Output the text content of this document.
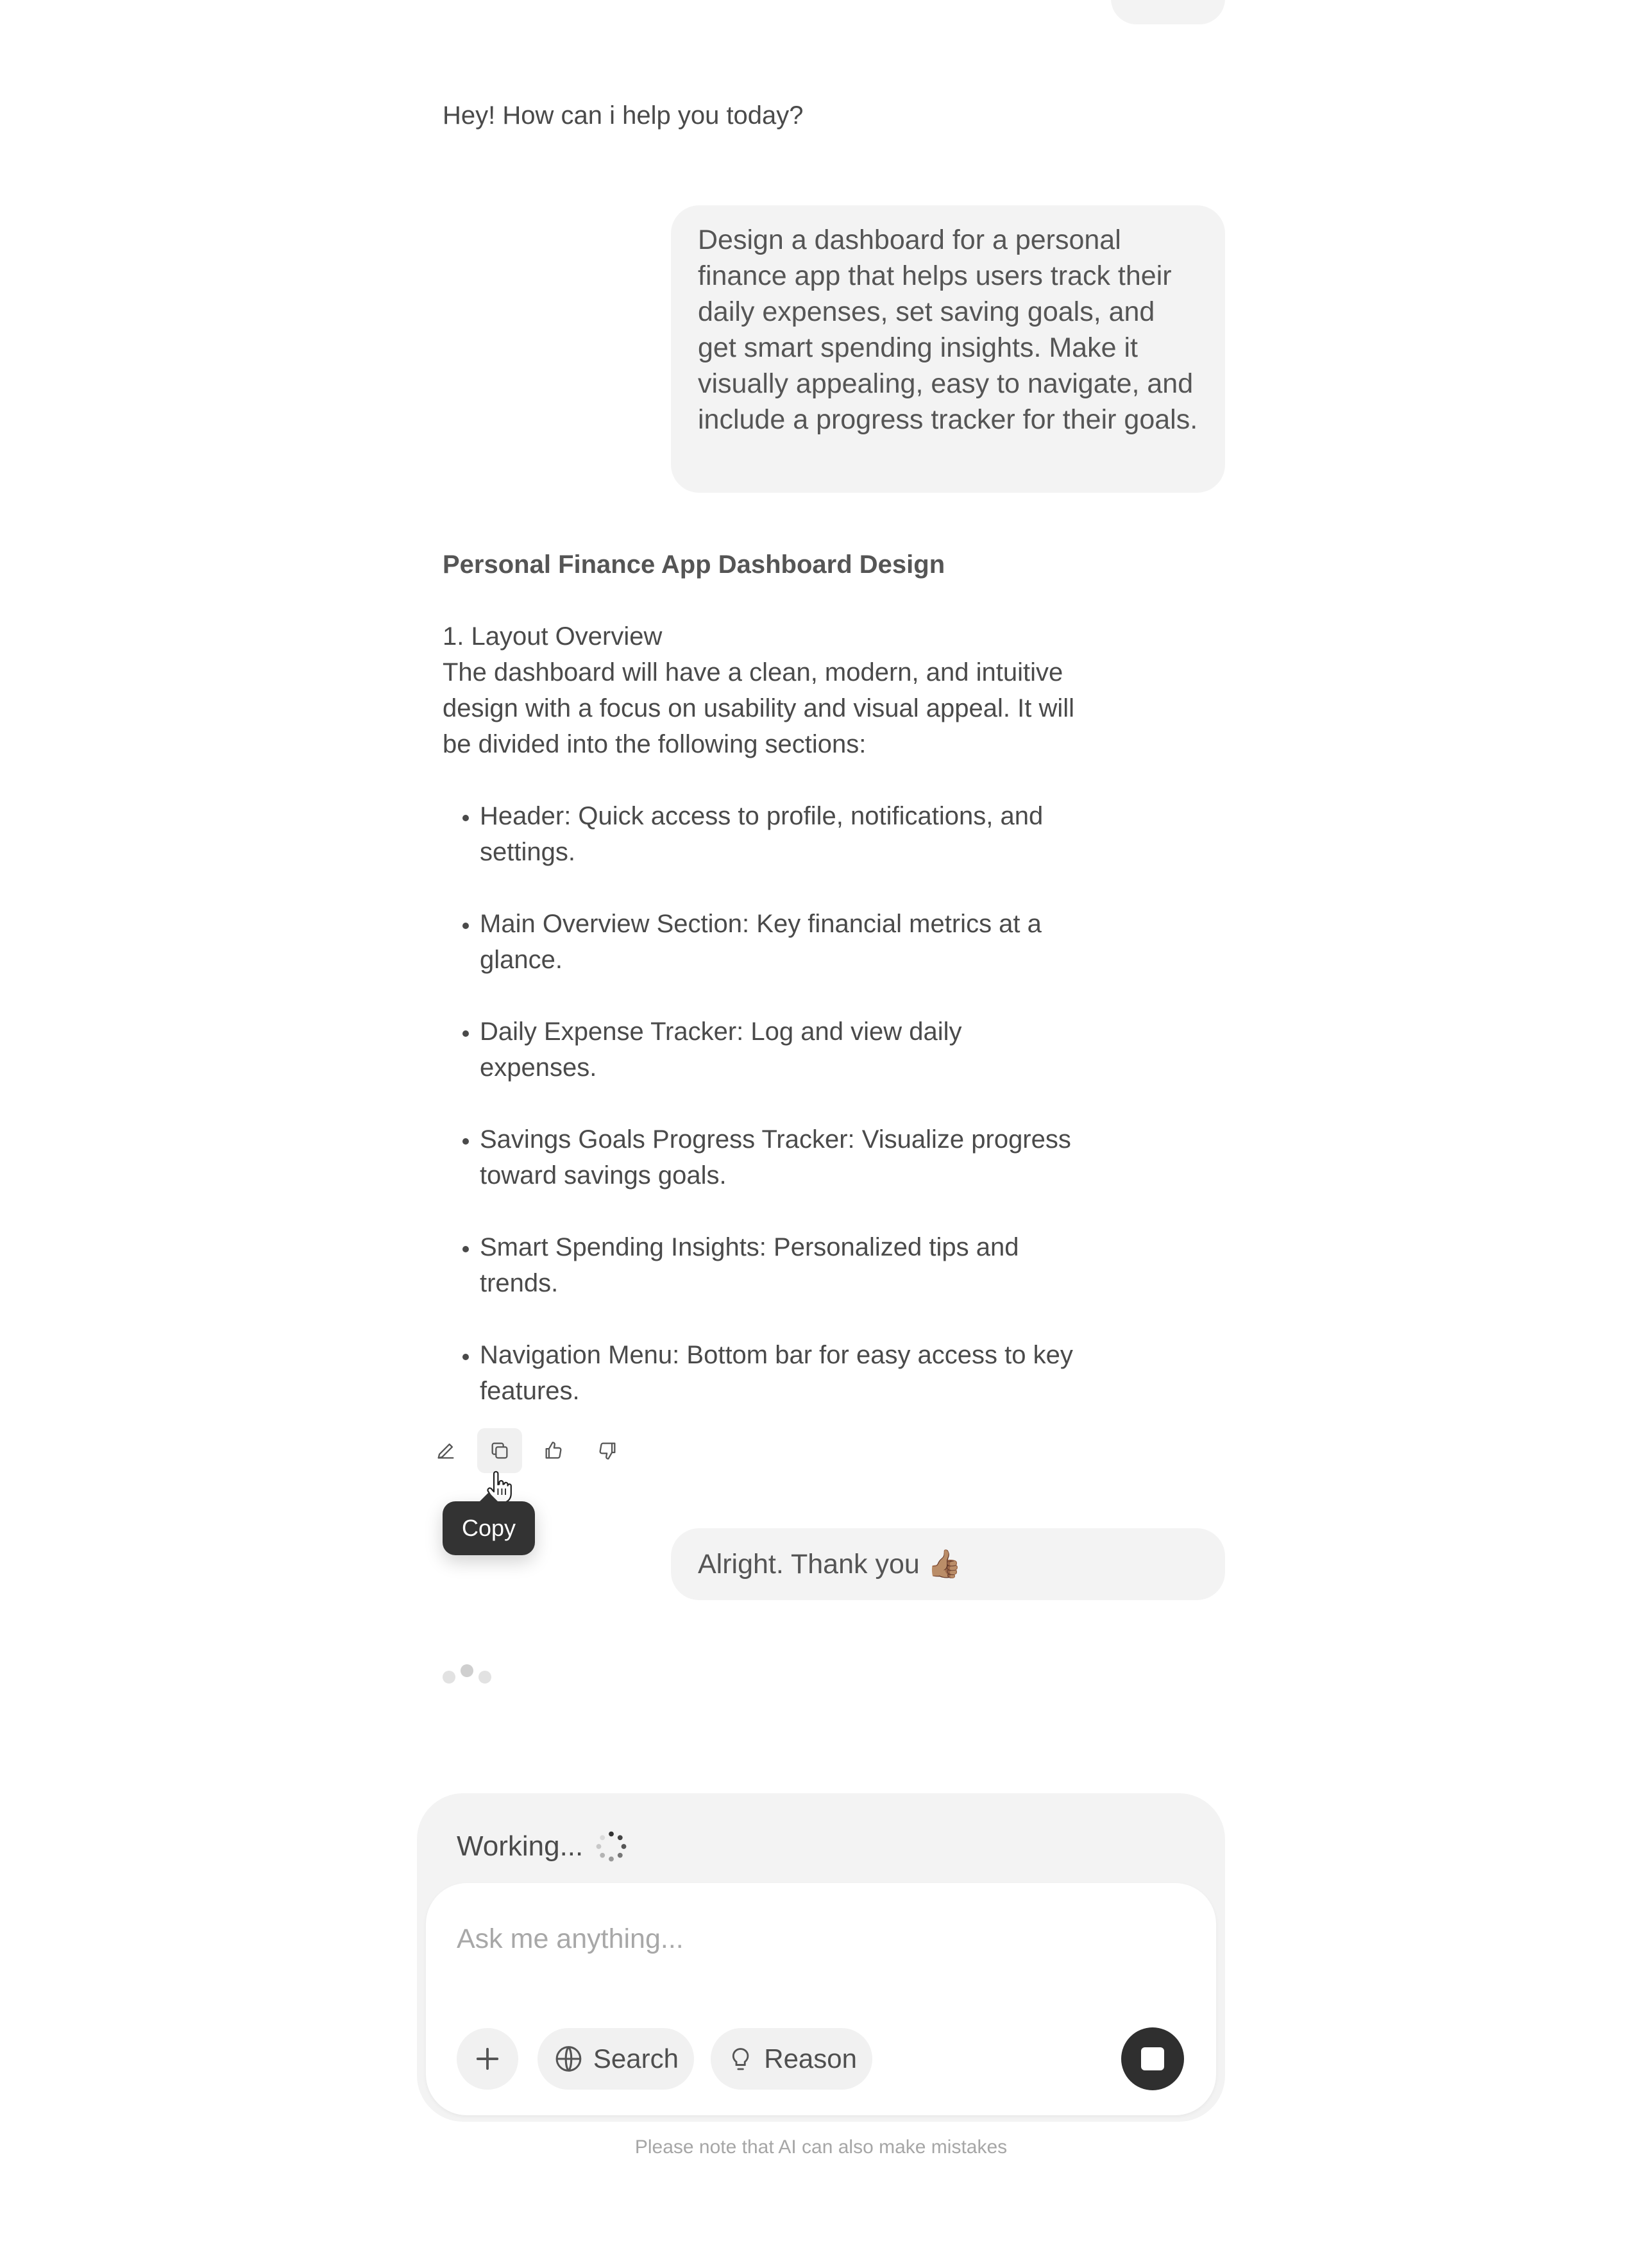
Hey! How can i help you today?
Design a dashboard for a personal finance app that helps users track their daily expenses, set saving goals, and get smart spending insights. Make it visually appealing, easy to navigate, and include a progress tracker for their goals.

Personal Finance App Dashboard Design

1. Layout Overview

The dashboard will have a clean, modern, and intuitive design with a focus on usability and visual appeal. It will be divided into the following sections:

• Header: Quick access to profile, notifications, and settings.
• Main Overview Section: Key financial metrics at a glance.
• Daily Expense Tracker: Log and view daily expenses.
• Savings Goals Progress Tracker: Visualize progress toward savings goals.
• Smart Spending Insights: Personalized tips and trends.
• Navigation Menu: Bottom bar for easy access to key features.
Copy
Alright. Thank you 👍🏽
Working...
Ask me anything...
Search	Reason
Please note that AI can also make mistakes
